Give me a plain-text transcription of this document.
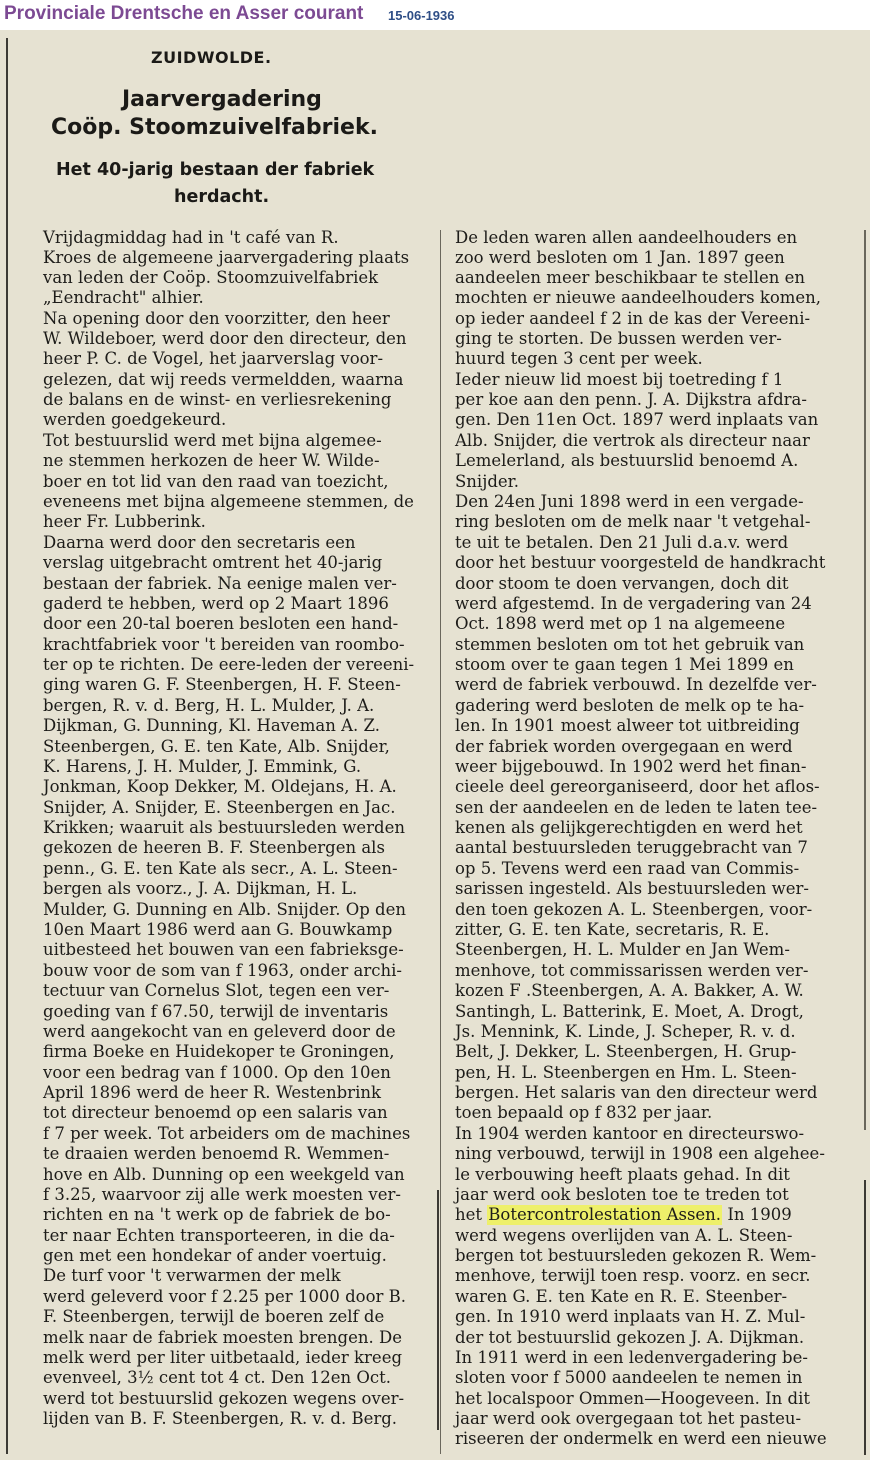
Provinciale Drentsche en Asser courant 15-06-1936
ZUIDWOLDE.
Jaarvergadering
Coöp. Stoomzuivelfabriek.
Het 40-jarig bestaan der fabriek
herdacht.
Vrijdagmiddag had in 't café van R.
Kroes de algemeene jaarvergadering plaats
van leden der Coöp. Stoomzuivelfabriek
„Eendracht" alhier.
Na opening door den voorzitter, den heer
W. Wildeboer, werd door den directeur, den
heer P. C. de Vogel, het jaarverslag voor-
gelezen, dat wij reeds vermeldden, waarna
de balans en de winst- en verliesrekening
werden goedgekeurd.
Tot bestuurslid werd met bijna algemee-
ne stemmen herkozen de heer W. Wilde-
boer en tot lid van den raad van toezicht,
eveneens met bijna algemeene stemmen, de
heer Fr. Lubberink.
Daarna werd door den secretaris een
verslag uitgebracht omtrent het 40-jarig
bestaan der fabriek. Na eenige malen ver-
gaderd te hebben, werd op 2 Maart 1896
door een 20-tal boeren besloten een hand-
krachtfabriek voor 't bereiden van roombo-
ter op te richten. De eere-leden der vereeni-
ging waren G. F. Steenbergen, H. F. Steen-
bergen, R. v. d. Berg, H. L. Mulder, J. A.
Dijkman, G. Dunning, Kl. Haveman A. Z.
Steenbergen, G. E. ten Kate, Alb. Snijder,
K. Harens, J. H. Mulder, J. Emmink, G.
Jonkman, Koop Dekker, M. Oldejans, H. A.
Snijder, A. Snijder, E. Steenbergen en Jac.
Krikken; waaruit als bestuursleden werden
gekozen de heeren B. F. Steenbergen als
penn., G. E. ten Kate als secr., A. L. Steen-
bergen als voorz., J. A. Dijkman, H. L.
Mulder, G. Dunning en Alb. Snijder. Op den
10en Maart 1986 werd aan G. Bouwkamp
uitbesteed het bouwen van een fabrieksge-
bouw voor de som van f 1963, onder archi-
tectuur van Cornelus Slot, tegen een ver-
goeding van f 67.50, terwijl de inventaris
werd aangekocht van en geleverd door de
firma Boeke en Huidekoper te Groningen,
voor een bedrag van f 1000. Op den 10en
April 1896 werd de heer R. Westenbrink
tot directeur benoemd op een salaris van
f 7 per week. Tot arbeiders om de machines
te draaien werden benoemd R. Wemmen-
hove en Alb. Dunning op een weekgeld van
f 3.25, waarvoor zij alle werk moesten ver-
richten en na 't werk op de fabriek de bo-
ter naar Echten transporteeren, in die da-
gen met een hondekar of ander voertuig.
De turf voor 't verwarmen der melk
werd geleverd voor f 2.25 per 1000 door B.
F. Steenbergen, terwijl de boeren zelf de
melk naar de fabriek moesten brengen. De
melk werd per liter uitbetaald, ieder kreeg
evenveel, 3½ cent tot 4 ct. Den 12en Oct.
werd tot bestuurslid gekozen wegens over-
lijden van B. F. Steenbergen, R. v. d. Berg.
De leden waren allen aandeelhouders en
zoo werd besloten om 1 Jan. 1897 geen
aandeelen meer beschikbaar te stellen en
mochten er nieuwe aandeelhouders komen,
op ieder aandeel f 2 in de kas der Vereeni-
ging te storten. De bussen werden ver-
huurd tegen 3 cent per week.
Ieder nieuw lid moest bij toetreding f 1
per koe aan den penn. J. A. Dijkstra afdra-
gen. Den 11en Oct. 1897 werd inplaats van
Alb. Snijder, die vertrok als directeur naar
Lemelerland, als bestuurslid benoemd A.
Snijder.
Den 24en Juni 1898 werd in een vergade-
ring besloten om de melk naar 't vetgehal-
te uit te betalen. Den 21 Juli d.a.v. werd
door het bestuur voorgesteld de handkracht
door stoom te doen vervangen, doch dit
werd afgestemd. In de vergadering van 24
Oct. 1898 werd met op 1 na algemeene
stemmen besloten om tot het gebruik van
stoom over te gaan tegen 1 Mei 1899 en
werd de fabriek verbouwd. In dezelfde ver-
gadering werd besloten de melk op te ha-
len. In 1901 moest alweer tot uitbreiding
der fabriek worden overgegaan en werd
weer bijgebouwd. In 1902 werd het finan-
cieele deel gereorganiseerd, door het aflos-
sen der aandeelen en de leden te laten tee-
kenen als gelijkgerechtigden en werd het
aantal bestuursleden teruggebracht van 7
op 5. Tevens werd een raad van Commis-
sarissen ingesteld. Als bestuursleden wer-
den toen gekozen A. L. Steenbergen, voor-
zitter, G. E. ten Kate, secretaris, R. E.
Steenbergen, H. L. Mulder en Jan Wem-
menhove, tot commissarissen werden ver-
kozen F .Steenbergen, A. A. Bakker, A. W.
Santingh, L. Batterink, E. Moet, A. Drogt,
Js. Mennink, K. Linde, J. Scheper, R. v. d.
Belt, J. Dekker, L. Steenbergen, H. Grup-
pen, H. L. Steenbergen en Hm. L. Steen-
bergen. Het salaris van den directeur werd
toen bepaald op f 832 per jaar.
In 1904 werden kantoor en directeurswo-
ning verbouwd, terwijl in 1908 een algehee-
le verbouwing heeft plaats gehad. In dit
jaar werd ook besloten toe te treden tot
het Botercontrolestation Assen. In 1909
werd wegens overlijden van A. L. Steen-
bergen tot bestuursleden gekozen R. Wem-
menhove, terwijl toen resp. voorz. en secr.
waren G. E. ten Kate en R. E. Steenber-
gen. In 1910 werd inplaats van H. Z. Mul-
der tot bestuurslid gekozen J. A. Dijkman.
In 1911 werd in een ledenvergadering be-
sloten voor f 5000 aandeelen te nemen in
het localspoor Ommen—Hoogeveen. In dit
jaar werd ook overgegaan tot het pasteu-
riseeren der ondermelk en werd een nieuwe
